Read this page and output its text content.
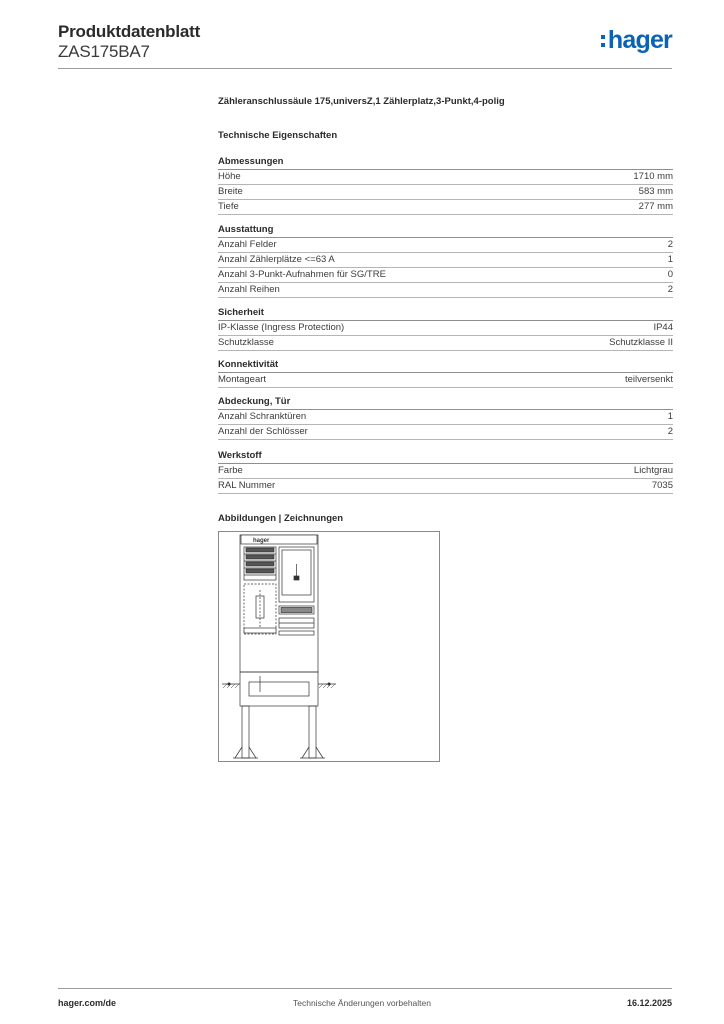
Produktdatenblatt
ZAS175BA7	hager
Zähleranschlussäule 175,universZ,1 Zählerplatz,3-Punkt,4-polig
Technische Eigenschaften
Abmessungen
Höhe	1710 mm
Breite	583 mm
Tiefe	277 mm
Ausstattung
Anzahl Felder	2
Anzahl Zählerplätze <=63 A	1
Anzahl 3-Punkt-Aufnahmen für SG/TRE	0
Anzahl Reihen	2
Sicherheit
IP-Klasse (Ingress Protection)	IP44
Schutzklasse	Schutzklasse II
Konnektivität
Montageart	teilversenkt
Abdeckung, Tür
Anzahl Schranktüren	1
Anzahl der Schlösser	2
Werkstoff
Farbe	Lichtgrau
RAL Nummer	7035
Abbildungen | Zeichnungen
hager
hager.com/de	Technische Änderungen vorbehalten	16.12.2025
